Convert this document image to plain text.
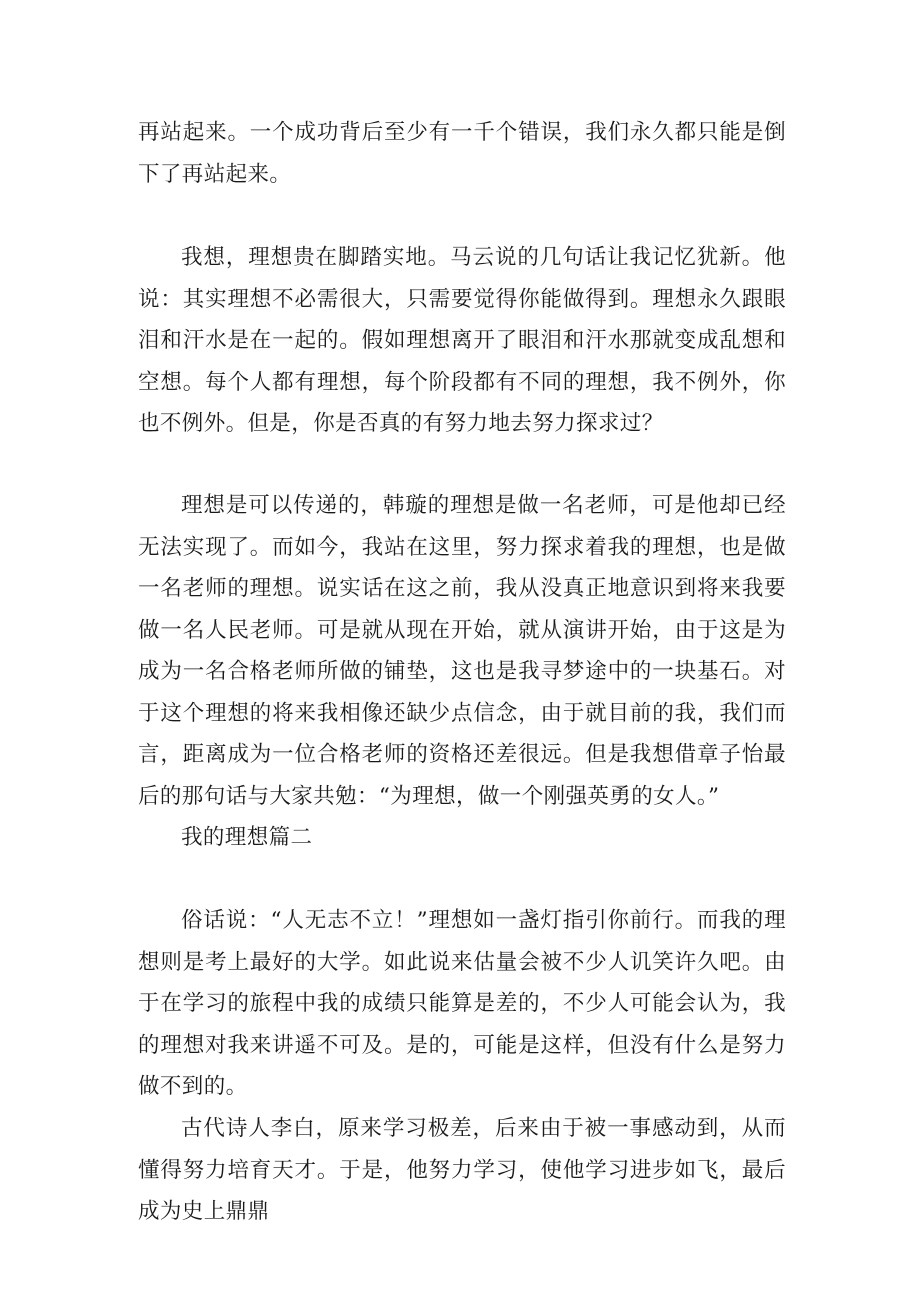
再站起来。一个成功背后至少有一千个错误，我们永久都只能是倒下了再站起来。

我想，理想贵在脚踏实地。马云说的几句话让我记忆犹新。他说：其实理想不必需很大，只需要觉得你能做得到。理想永久跟眼泪和汗水是在一起的。假如理想离开了眼泪和汗水那就变成乱想和空想。每个人都有理想，每个阶段都有不同的理想，我不例外，你也不例外。但是，你是否真的有努力地去努力探求过？

理想是可以传递的，韩璇的理想是做一名老师，可是他却已经无法实现了。而如今，我站在这里，努力探求着我的理想，也是做一名老师的理想。说实话在这之前，我从没真正地意识到将来我要做一名人民老师。可是就从现在开始，就从演讲开始，由于这是为成为一名合格老师所做的铺垫，这也是我寻梦途中的一块基石。对于这个理想的将来我相像还缺少点信念，由于就目前的我，我们而言，距离成为一位合格老师的资格还差很远。但是我想借章子怡最后的那句话与大家共勉：“为理想，做一个刚强英勇的女人。”

我的理想篇二

俗话说：“人无志不立！”理想如一盏灯指引你前行。而我的理想则是考上最好的大学。如此说来估量会被不少人讥笑许久吧。由于在学习的旅程中我的成绩只能算是差的，不少人可能会认为，我的理想对我来讲遥不可及。是的，可能是这样，但没有什么是努力做不到的。

古代诗人李白，原来学习极差，后来由于被一事感动到，从而懂得努力培育天才。于是，他努力学习，使他学习进步如飞，最后成为史上鼎鼎
